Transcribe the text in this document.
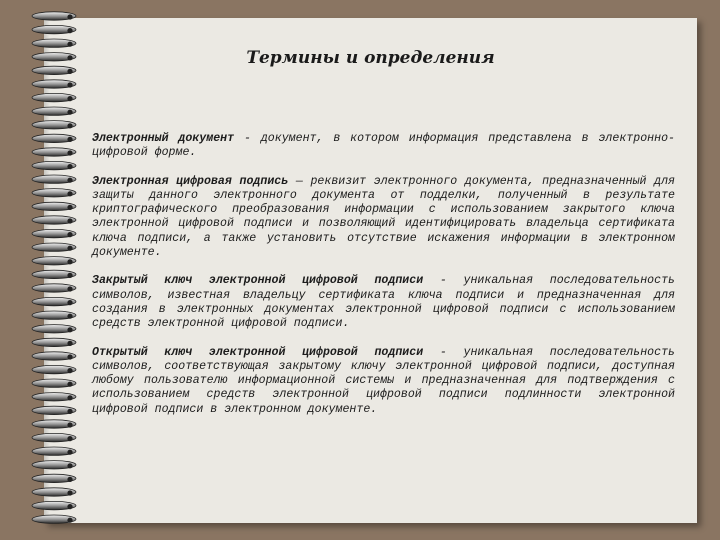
Термины и определения

Электронный документ - документ, в котором информация представлена в электронно-цифровой форме.

Электронная цифровая подпись — реквизит электронного документа, предназначенный для защиты данного электронного документа от подделки, полученный в результате криптографического преобразования информации с использованием закрытого ключа электронной цифровой подписи и позволяющий идентифицировать владельца сертификата ключа подписи, а также установить отсутствие искажения информации в электронном документе.

Закрытый ключ электронной цифровой подписи - уникальная последовательность символов, известная владельцу сертификата ключа подписи и предназначенная для создания в электронных документах электронной цифровой подписи с использованием средств электронной цифровой подписи.

Открытый ключ электронной цифровой подписи - уникальная последовательность символов, соответствующая закрытому ключу электронной цифровой подписи, доступная любому пользователю информационной системы и предназначенная для подтверждения с использованием средств электронной цифровой подписи подлинности электронной цифровой подписи в электронном документе.
